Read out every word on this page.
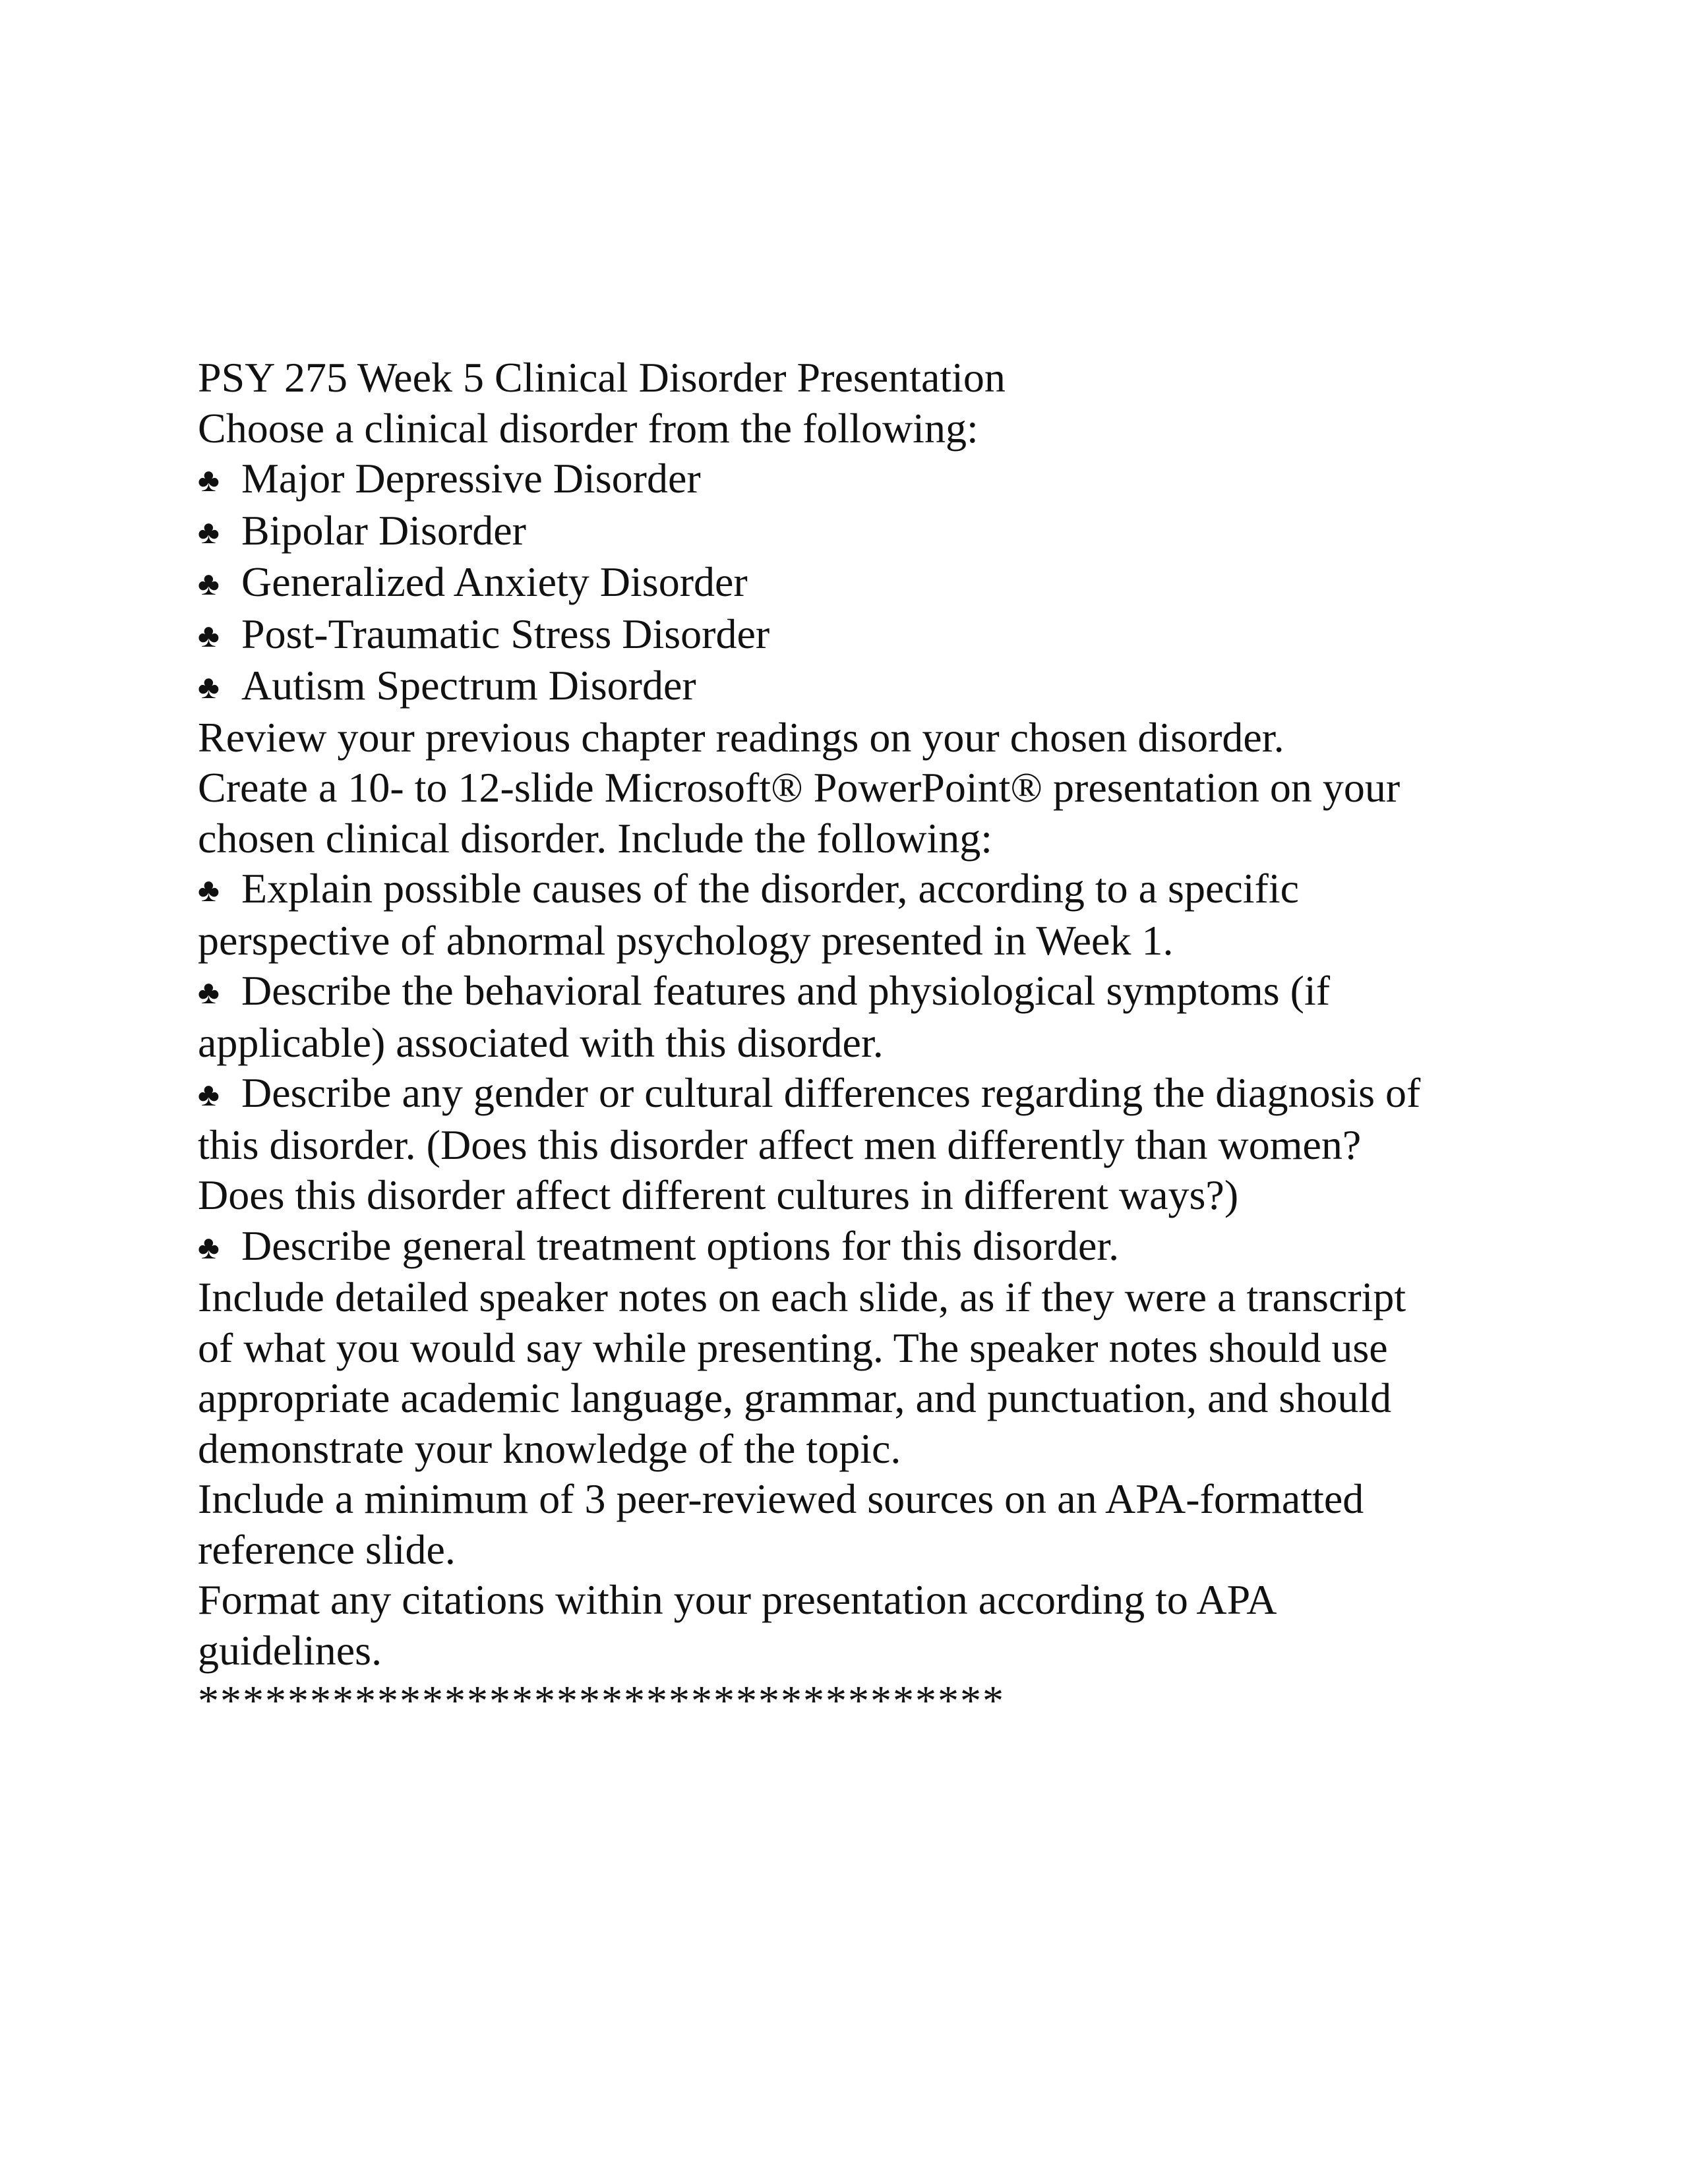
PSY 275 Week 5 Clinical Disorder Presentation
Choose a clinical disorder from the following:
♣ Major Depressive Disorder
♣ Bipolar Disorder
♣ Generalized Anxiety Disorder
♣ Post-Traumatic Stress Disorder
♣ Autism Spectrum Disorder
Review your previous chapter readings on your chosen disorder.
Create a 10- to 12-slide Microsoft® PowerPoint® presentation on your
chosen clinical disorder. Include the following:
♣ Explain possible causes of the disorder, according to a specific
perspective of abnormal psychology presented in Week 1.
♣ Describe the behavioral features and physiological symptoms (if
applicable) associated with this disorder.
♣ Describe any gender or cultural differences regarding the diagnosis of
this disorder. (Does this disorder affect men differently than women?
Does this disorder affect different cultures in different ways?)
♣ Describe general treatment options for this disorder.
Include detailed speaker notes on each slide, as if they were a transcript
of what you would say while presenting. The speaker notes should use
appropriate academic language, grammar, and punctuation, and should
demonstrate your knowledge of the topic.
Include a minimum of 3 peer-reviewed sources on an APA-formatted
reference slide.
Format any citations within your presentation according to APA
guidelines.
************************************
